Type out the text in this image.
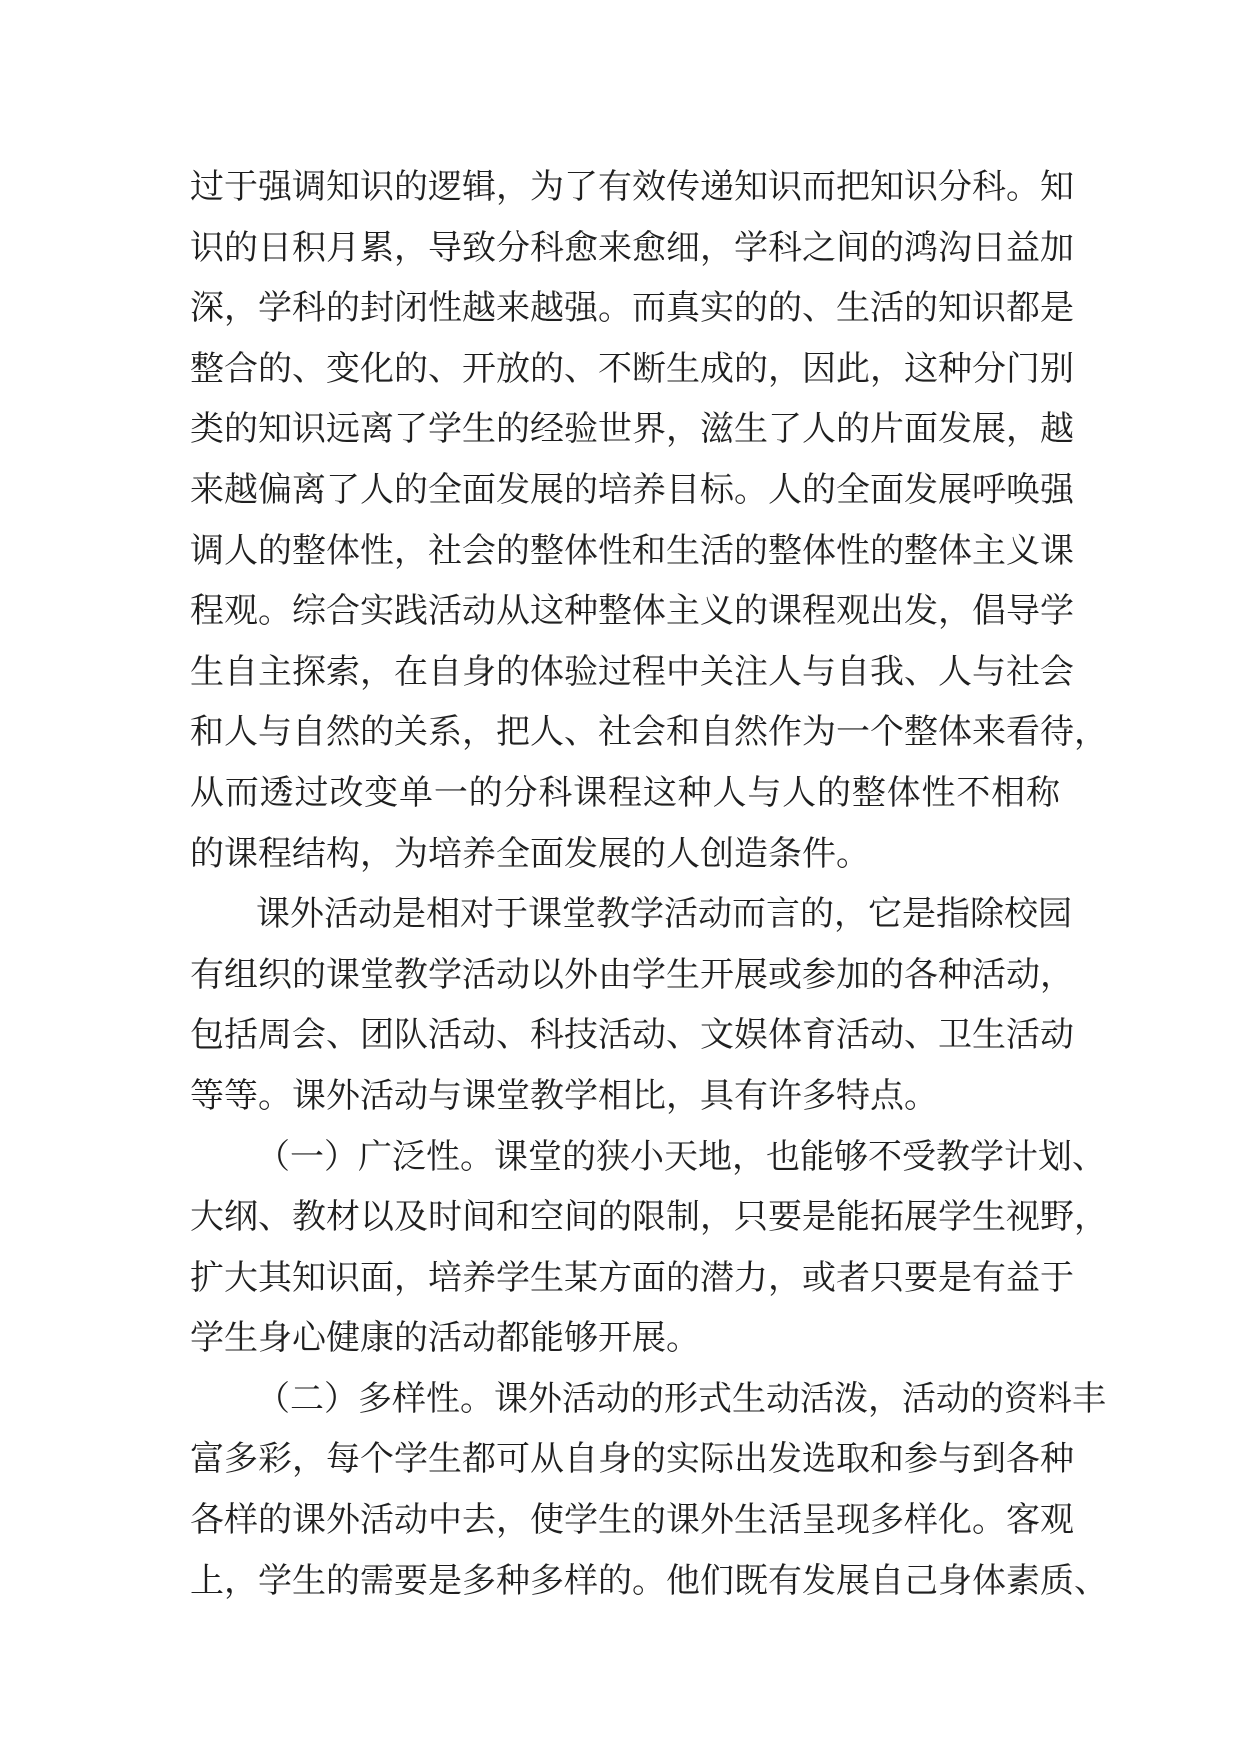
过于强调知识的逻辑，为了有效传递知识而把知识分科。知
识的日积月累，导致分科愈来愈细，学科之间的鸿沟日益加
深，学科的封闭性越来越强。而真实的的、生活的知识都是
整合的、变化的、开放的、不断生成的，因此，这种分门别
类的知识远离了学生的经验世界，滋生了人的片面发展，越
来越偏离了人的全面发展的培养目标。人的全面发展呼唤强
调人的整体性，社会的整体性和生活的整体性的整体主义课
程观。综合实践活动从这种整体主义的课程观出发，倡导学
生自主探索，在自身的体验过程中关注人与自我、人与社会
和人与自然的关系，把人、社会和自然作为一个整体来看待，
从而透过改变单一的分科课程这种人与人的整体性不相称
的课程结构，为培养全面发展的人创造条件。
课外活动是相对于课堂教学活动而言的，它是指除校园
有组织的课堂教学活动以外由学生开展或参加的各种活动，
包括周会、团队活动、科技活动、文娱体育活动、卫生活动
等等。课外活动与课堂教学相比，具有许多特点。
（一）广泛性。课堂的狭小天地，也能够不受教学计划、
大纲、教材以及时间和空间的限制，只要是能拓展学生视野，
扩大其知识面，培养学生某方面的潜力，或者只要是有益于
学生身心健康的活动都能够开展。
（二）多样性。课外活动的形式生动活泼，活动的资料丰
富多彩，每个学生都可从自身的实际出发选取和参与到各种
各样的课外活动中去，使学生的课外生活呈现多样化。客观
上，学生的需要是多种多样的。他们既有发展自己身体素质、
